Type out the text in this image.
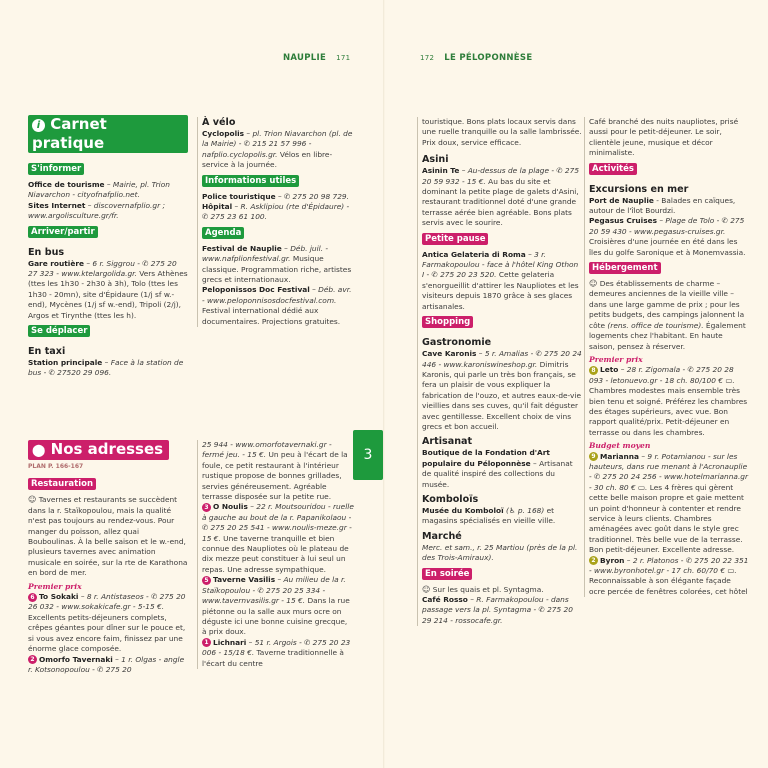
NAUPLIE 171
i Carnet pratique
S'informer

Office de tourisme – Mairie, pl. Trion Niavarchon - cityofnafplio.net.

Sites Internet – discovernafplio.gr ; www.argolisculture.gr/fr.

Arriver/partir
En bus

Gare routière – 6 r. Siggrou - ✆ 275 20 27 323 - www.ktelargolida.gr. Vers Athènes (ttes les 1h30 - 2h30 à 3h), Tolo (ttes les 1h30 - 20mn), site d'Épidaure (1/j sf w.-end), Mycènes (1/j sf w.-end), Tripoli (2/j), Argos et Tirynthe (ttes les h).

Se déplacer
En taxi

Station principale – Face à la station de bus - ✆ 27520 29 096.

À vélo

Cyclopolis – pl. Trion Niavarchon (pl. de la Mairie) - ✆ 215 21 57 996 - nafplio.cyclopolis.gr. Vélos en libre-service à la journée.

Informations utiles

Police touristique – ✆ 275 20 98 729.

Hôpital – R. Asklipiou (rte d'Épidaure) - ✆ 275 23 61 100.

Agenda

Festival de Nauplie – Déb. juil. - www.nafplionfestival.gr. Musique classique. Programmation riche, artistes grecs et internationaux.

Peloponissos Doc Festival – Déb. avr. - www.peloponnisosdocfestival.com. Festival international dédié aux documentaires. Projections gratuites.

⬤ Nos adresses
PLAN P. 166-167
Restauration

☺ Tavernes et restaurants se succèdent dans la r. Staïkopoulou, mais la qualité n'est pas toujours au rendez-vous. Pour manger du poisson, allez quai Bouboulinas. À la belle saison et le w.-end, plusieurs tavernes avec animation musicale en soirée, sur la rte de Karathona en bord de mer.

Premier prix

6 To Sokaki – 8 r. Antistaseos - ✆ 275 20 26 032 - www.sokakicafe.gr - 5-15 €. Excellents petits-déjeuners complets, crêpes géantes pour dîner sur le pouce et, si vous avez encore faim, finissez par une énorme glace composée.

2 Omorfo Tavernaki – 1 r. Olgas - angle r. Kotsonopoulou - ✆ 275 20

25 944 - www.omorfotavernaki.gr - fermé jeu. - 15 €. Un peu à l'écart de la foule, ce petit restaurant à l'intérieur rustique propose de bonnes grillades, servies généreusement. Agréable terrasse disposée sur la petite rue.

3 O Noulis – 22 r. Moutsouridou - ruelle à gauche au bout de la r. Papanikolaou - ✆ 275 20 25 541 - www.noulis-meze.gr - 15 €. Une taverne tranquille et bien connue des Naupliotes où le plateau de dix mezze peut constituer à lui seul un repas. Une adresse sympathique.

5 Taverne Vasilis – Au milieu de la r. Staïkopoulou - ✆ 275 20 25 334 - www.tavernvasilis.gr - 15 €. Dans la rue piétonne ou la salle aux murs ocre on déguste ici une bonne cuisine grecque, à prix doux.

1 Lichnari – 51 r. Argois - ✆ 275 20 23 006 - 15/18 €. Taverne traditionnelle à l'écart du centre

3
172 LE PÉLOPONNÈSE

touristique. Bons plats locaux servis dans une ruelle tranquille ou la salle lambrissée. Prix doux, service efficace.

Asini

Asinin Te – Au-dessus de la plage - ✆ 275 20 59 932 - 15 €. Au bas du site et dominant la petite plage de galets d'Asini, restaurant traditionnel doté d'une grande terrasse aérée bien agréable. Bons plats servis avec le sourire.

Petite pause

Antica Gelateria di Roma – 3 r. Farmakopoulou - face à l'hôtel King Othon I - ✆ 275 20 23 520. Cette gelateria s'enorgueillit d'attirer les Naupliotes et les visiteurs depuis 1870 grâce à ses glaces artisanales.

Shopping
Gastronomie

Cave Karonis – 5 r. Amalias - ✆ 275 20 24 446 - www.karoniswineshop.gr. Dimitris Karonis, qui parle un très bon français, se fera un plaisir de vous expliquer la fabrication de l'ouzo, et autres eaux-de-vie vieillies dans ses cuves, qu'il fait déguster avec gentillesse. Excellent choix de vins grecs et bon accueil.

Artisanat

Boutique de la Fondation d'Art populaire du Péloponnèse – Artisanat de qualité inspiré des collections du musée.

Komboloïs

Musée du Komboloï (♿ p. 168) et magasins spécialisés en vieille ville.

Marché

Merc. et sam., r. 25 Martiou (près de la pl. des Trois-Amiraux).

En soirée

☺ Sur les quais et pl. Syntagma.

Café Rosso – R. Farmakopoulou - dans passage vers la pl. Syntagma - ✆ 275 20 29 214 - rossocafe.gr.

Café branché des nuits naupliotes, prisé aussi pour le petit-déjeuner. Le soir, clientèle jeune, musique et décor minimaliste.

Activités
Excursions en mer

Port de Nauplie - Balades en caïques, autour de l'îlot Bourdzi.

Pegasus Cruises – Plage de Tolo - ✆ 275 20 59 430 - www.pegasus-cruises.gr. Croisières d'une journée en été dans les îles du golfe Saronique et à Monemvassia.

Hébergement

☺ Des établissements de charme – demeures anciennes de la vieille ville – dans une large gamme de prix ; pour les petits budgets, des campings jalonnent la côte (rens. office de tourisme). Également logements chez l'habitant. En haute saison, pensez à réserver.

Premier prix

8 Leto – 28 r. Zigomala - ✆ 275 20 28 093 - letonuevo.gr - 18 ch. 80/100 € ▭. Chambres modestes mais ensemble très bien tenu et soigné. Préférez les chambres des étages supérieurs, avec vue. Bon rapport qualité/prix. Petit-déjeuner en terrasse ou dans les chambres.

Budget moyen

9 Marianna – 9 r. Potamianou - sur les hauteurs, dans rue menant à l'Acronauplie - ✆ 275 20 24 256 - www.hotelmarianna.gr - 30 ch. 80 € ▭. Les 4 frères qui gèrent cette belle maison propre et gaie mettent un point d'honneur à contenter et rendre service à leurs clients. Chambres aménagées avec goût dans le style grec traditionnel. Très belle vue de la terrasse. Bon petit-déjeuner. Excellente adresse.

2 Byron – 2 r. Platonos - ✆ 275 20 22 351 - www.byronhotel.gr - 17 ch. 60/70 € ▭. Reconnaissable à son élégante façade ocre percée de fenêtres colorées, cet hôtel
